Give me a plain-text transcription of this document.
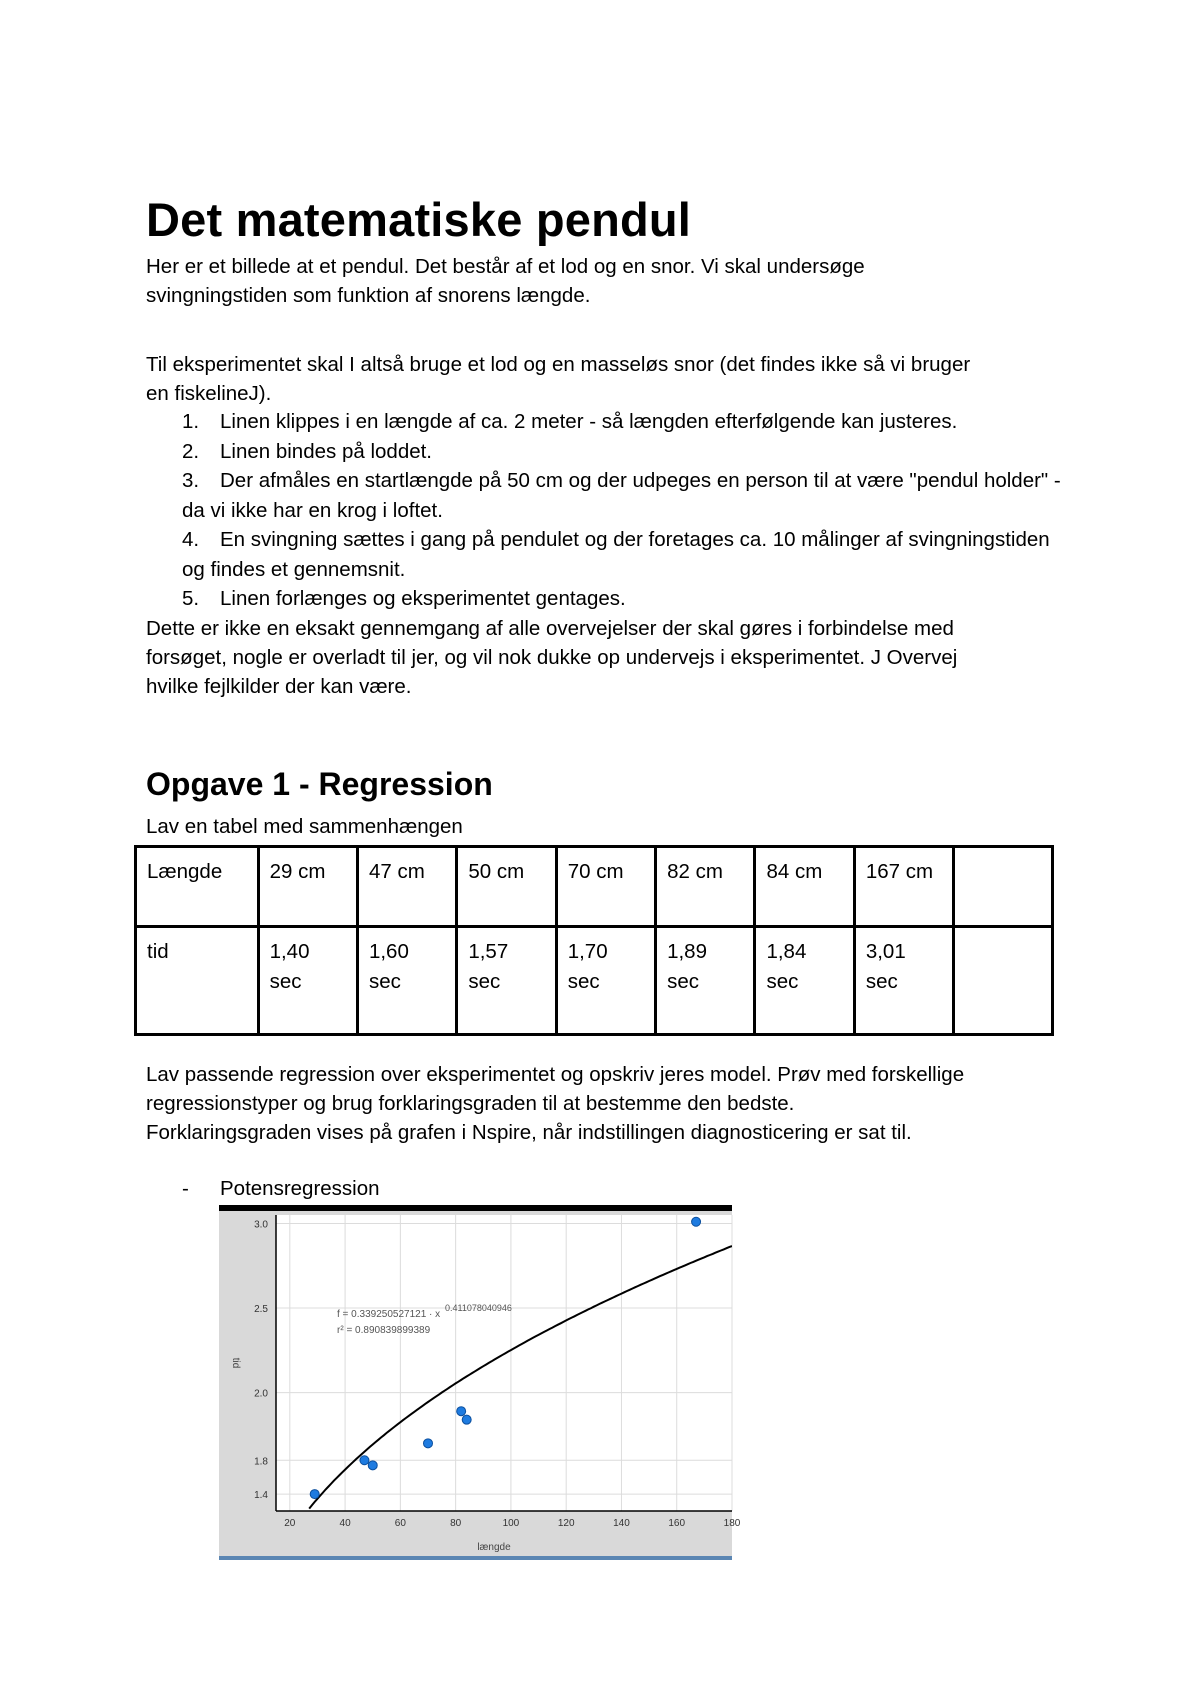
Det matematiske pendul

Her er et billede at et pendul. Det består af et lod og en snor. Vi skal undersøge

svingningstiden som funktion af snorens længde.

Til eksperimentet skal I altså bruge et lod og en masseløs snor (det findes ikke så vi bruger

en fiskelineJ).

1. Linen klippes i en længde af ca. 2 meter - så længden efterfølgende kan justeres.
2. Linen bindes på loddet.
3. Der afmåles en startlængde på 50 cm og der udpeges en person til at være "pendul holder" - da vi ikke har en krog i loftet.
4. En svingning sættes i gang på pendulet og der foretages ca. 10 målinger af svingningstiden og findes et gennemsnit.
5. Linen forlænges og eksperimentet gentages.

Dette er ikke en eksakt gennemgang af alle overvejelser der skal gøres i forbindelse med

forsøget, nogle er overladt til jer, og vil nok dukke op undervejs i eksperimentet. J Overvej

hvilke fejlkilder der kan være.

Opgave 1 - Regression

Lav en tabel med sammenhængen

Længde	29 cm	47 cm	50 cm	70 cm	82 cm	84 cm	167 cm	
tid	1,40 sec	1,60 sec	1,57 sec	1,70 sec	1,89 sec	1,84 sec	3,01 sec	

Lav passende regression over eksperimentet og opskriv jeres model. Prøv med forskellige

regressionstyper og brug forklaringsgraden til at bestemme den bedste.

Forklaringsgraden vises på grafen i Nspire, når indstillingen diagnosticering er sat til.

- Potensregression
20	40	60	80	100	120	140	160	180
1.4
1.8
2.0
2.5
3.0
længde
tid
f = 0.339250527121 · x
0.411078040946
r² = 0.890839899389
